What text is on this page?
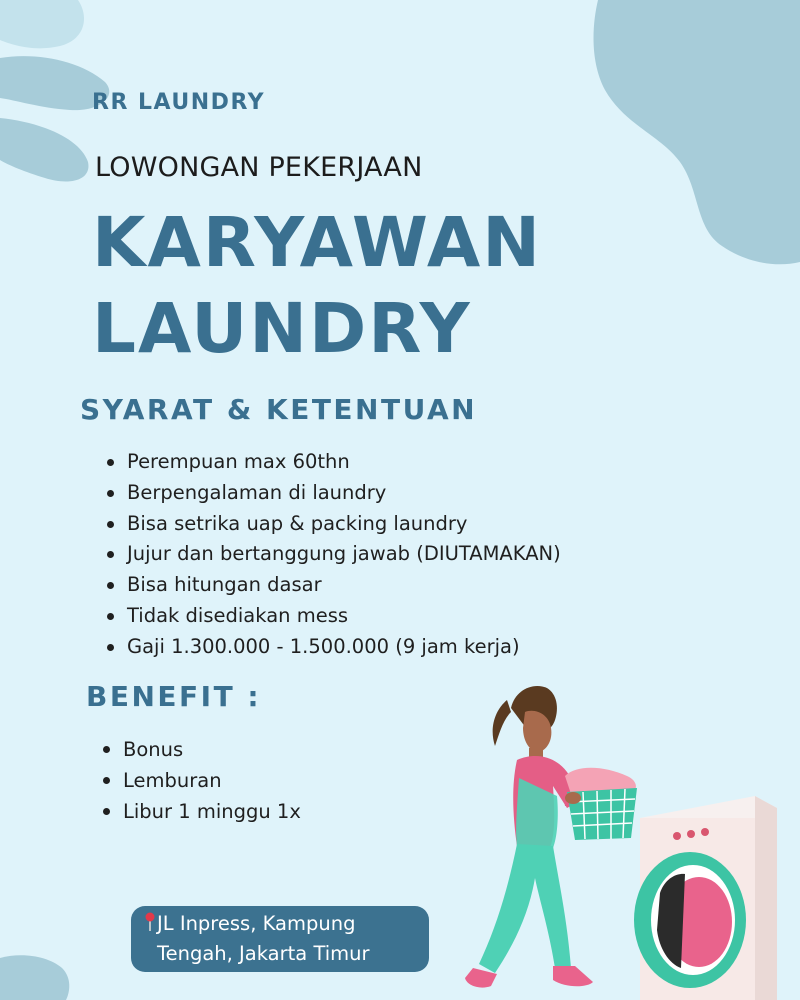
RR LAUNDRY
LOWONGAN PEKERJAAN
KARYAWAN
LAUNDRY
SYARAT & KETENTUAN
Perempuan max 60thn
Berpengalaman di laundry
Bisa setrika uap & packing laundry
Jujur dan bertanggung jawab (DIUTAMAKAN)
Bisa hitungan dasar
Tidak disediakan mess
Gaji 1.300.000 - 1.500.000 (9 jam kerja)
BENEFIT :
Bonus
Lemburan
Libur 1 minggu 1x
JL Inpress, Kampung
Tengah, Jakarta Timur
